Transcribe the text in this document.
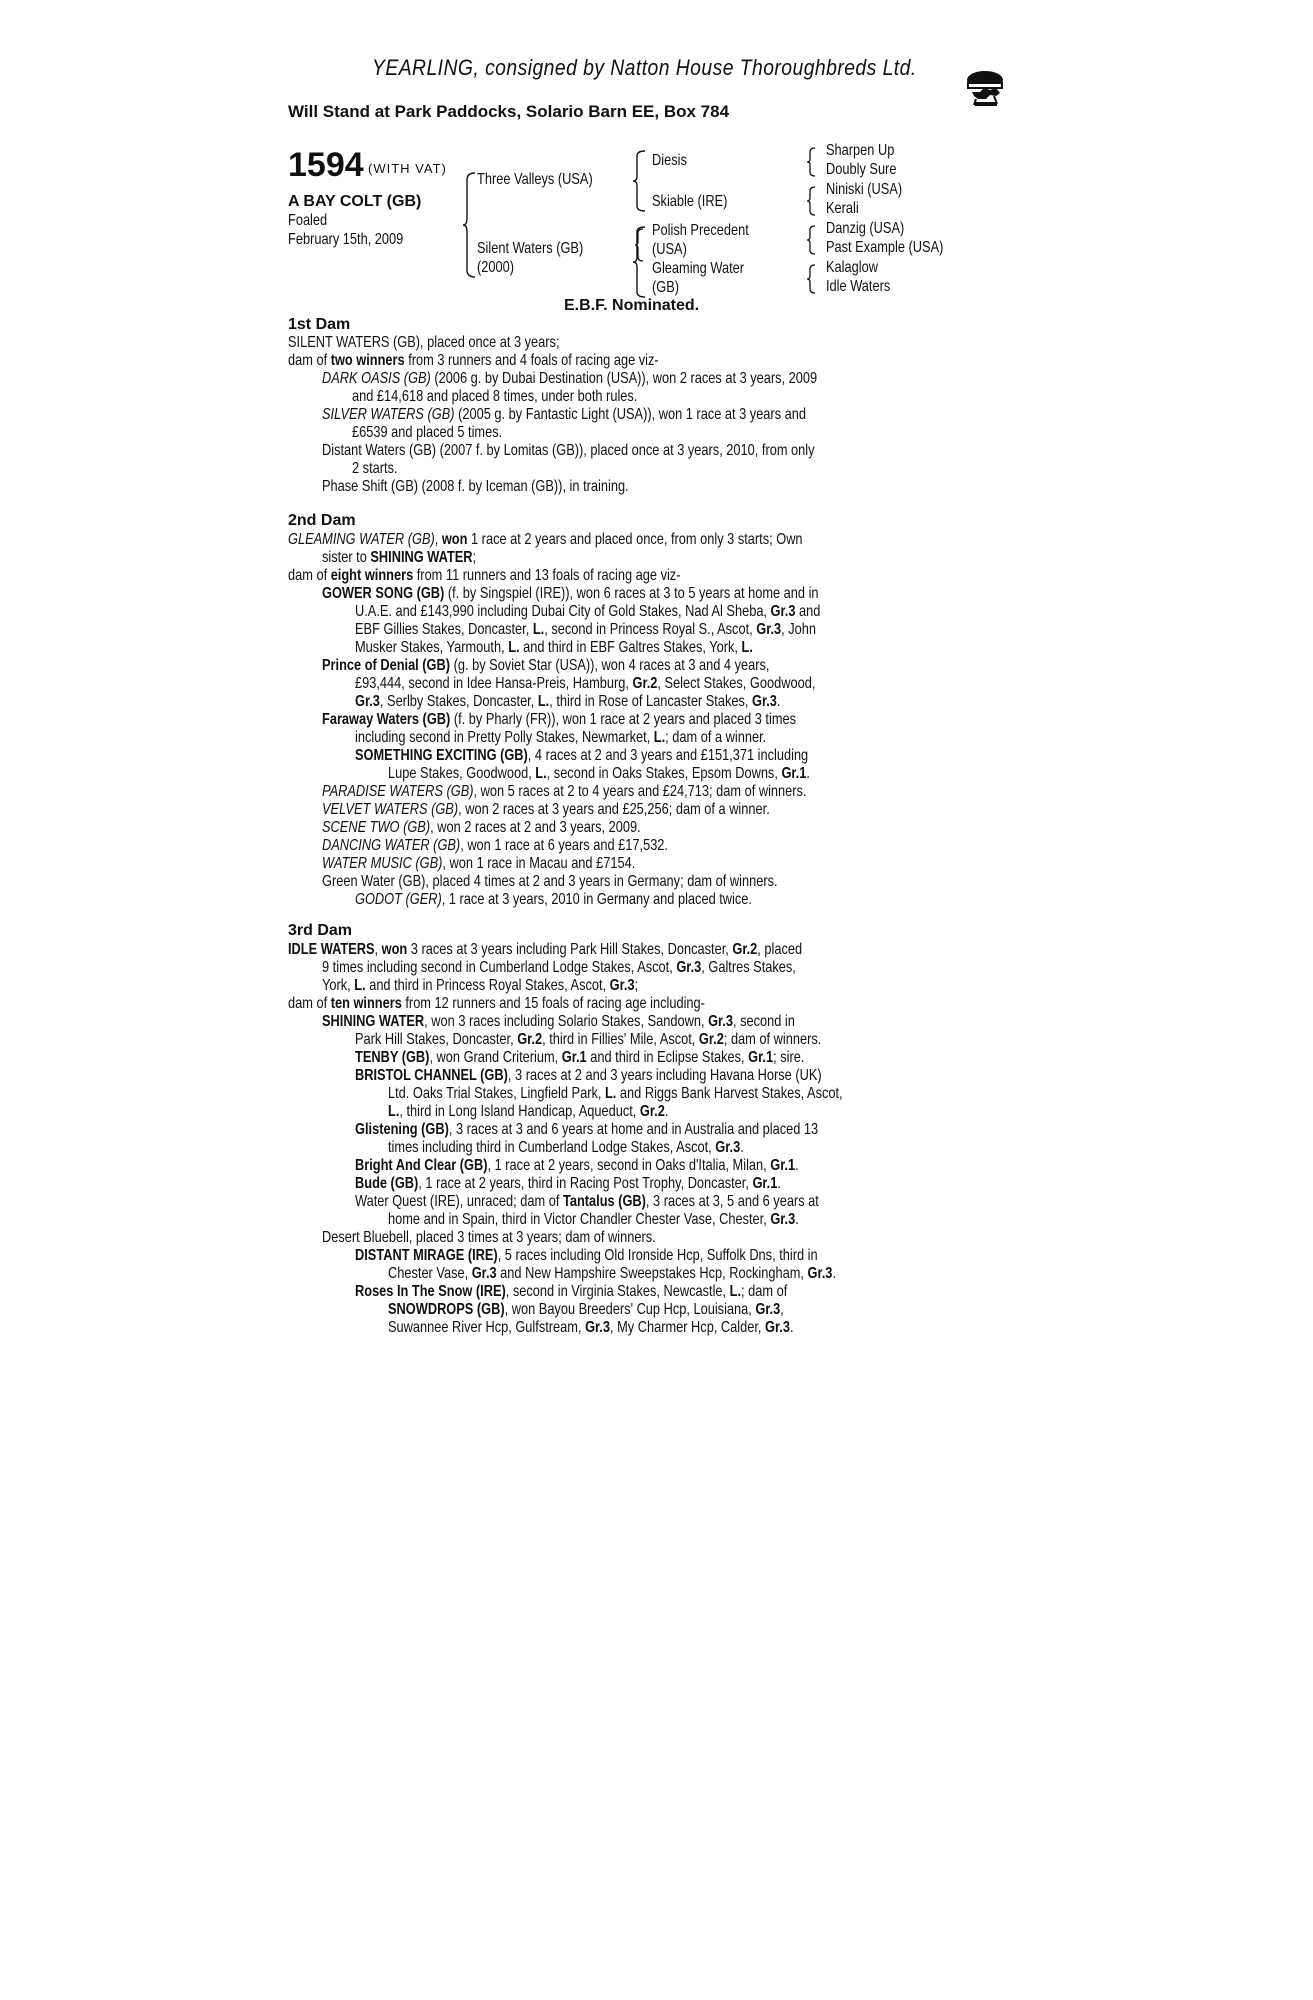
YEARLING, consigned by Natton House Thoroughbreds Ltd.
Will Stand at Park Paddocks, Solario Barn EE, Box 784
1594 (WITH VAT)
A BAY COLT (GB)
Foaled
February 15th, 2009
Three Valleys (USA)
Silent Waters (GB)
(2000)
Diesis
Skiable (IRE)
Polish Precedent
(USA)
Gleaming Water
(GB)
Sharpen Up
Doubly Sure
Niniski (USA)
Kerali
Danzig (USA)
Past Example (USA)
Kalaglow
Idle Waters
E.B.F. Nominated.
1st Dam
2nd Dam
3rd Dam
SILENT WATERS (GB), placed once at 3 years;
dam of two winners from 3 runners and 4 foals of racing age viz-
DARK OASIS (GB) (2006 g. by Dubai Destination (USA)), won 2 races at 3 years, 2009
and £14,618 and placed 8 times, under both rules.
SILVER WATERS (GB) (2005 g. by Fantastic Light (USA)), won 1 race at 3 years and
£6539 and placed 5 times.
Distant Waters (GB) (2007 f. by Lomitas (GB)), placed once at 3 years, 2010, from only
2 starts.
Phase Shift (GB) (2008 f. by Iceman (GB)), in training.
GLEAMING WATER (GB), won 1 race at 2 years and placed once, from only 3 starts; Own
sister to SHINING WATER;
dam of eight winners from 11 runners and 13 foals of racing age viz-
GOWER SONG (GB) (f. by Singspiel (IRE)), won 6 races at 3 to 5 years at home and in
U.A.E. and £143,990 including Dubai City of Gold Stakes, Nad Al Sheba, Gr.3 and
EBF Gillies Stakes, Doncaster, L., second in Princess Royal S., Ascot, Gr.3, John
Musker Stakes, Yarmouth, L. and third in EBF Galtres Stakes, York, L.
Prince of Denial (GB) (g. by Soviet Star (USA)), won 4 races at 3 and 4 years,
£93,444, second in Idee Hansa-Preis, Hamburg, Gr.2, Select Stakes, Goodwood,
Gr.3, Serlby Stakes, Doncaster, L., third in Rose of Lancaster Stakes, Gr.3.
Faraway Waters (GB) (f. by Pharly (FR)), won 1 race at 2 years and placed 3 times
including second in Pretty Polly Stakes, Newmarket, L.; dam of a winner.
SOMETHING EXCITING (GB), 4 races at 2 and 3 years and £151,371 including
Lupe Stakes, Goodwood, L., second in Oaks Stakes, Epsom Downs, Gr.1.
PARADISE WATERS (GB), won 5 races at 2 to 4 years and £24,713; dam of winners.
VELVET WATERS (GB), won 2 races at 3 years and £25,256; dam of a winner.
SCENE TWO (GB), won 2 races at 2 and 3 years, 2009.
DANCING WATER (GB), won 1 race at 6 years and £17,532.
WATER MUSIC (GB), won 1 race in Macau and £7154.
Green Water (GB), placed 4 times at 2 and 3 years in Germany; dam of winners.
GODOT (GER), 1 race at 3 years, 2010 in Germany and placed twice.
IDLE WATERS, won 3 races at 3 years including Park Hill Stakes, Doncaster, Gr.2, placed
9 times including second in Cumberland Lodge Stakes, Ascot, Gr.3, Galtres Stakes,
York, L. and third in Princess Royal Stakes, Ascot, Gr.3;
dam of ten winners from 12 runners and 15 foals of racing age including-
SHINING WATER, won 3 races including Solario Stakes, Sandown, Gr.3, second in
Park Hill Stakes, Doncaster, Gr.2, third in Fillies' Mile, Ascot, Gr.2; dam of winners.
TENBY (GB), won Grand Criterium, Gr.1 and third in Eclipse Stakes, Gr.1; sire.
BRISTOL CHANNEL (GB), 3 races at 2 and 3 years including Havana Horse (UK)
Ltd. Oaks Trial Stakes, Lingfield Park, L. and Riggs Bank Harvest Stakes, Ascot,
L., third in Long Island Handicap, Aqueduct, Gr.2.
Glistening (GB), 3 races at 3 and 6 years at home and in Australia and placed 13
times including third in Cumberland Lodge Stakes, Ascot, Gr.3.
Bright And Clear (GB), 1 race at 2 years, second in Oaks d'Italia, Milan, Gr.1.
Bude (GB), 1 race at 2 years, third in Racing Post Trophy, Doncaster, Gr.1.
Water Quest (IRE), unraced; dam of Tantalus (GB), 3 races at 3, 5 and 6 years at
home and in Spain, third in Victor Chandler Chester Vase, Chester, Gr.3.
Desert Bluebell, placed 3 times at 3 years; dam of winners.
DISTANT MIRAGE (IRE), 5 races including Old Ironside Hcp, Suffolk Dns, third in
Chester Vase, Gr.3 and New Hampshire Sweepstakes Hcp, Rockingham, Gr.3.
Roses In The Snow (IRE), second in Virginia Stakes, Newcastle, L.; dam of
SNOWDROPS (GB), won Bayou Breeders' Cup Hcp, Louisiana, Gr.3,
Suwannee River Hcp, Gulfstream, Gr.3, My Charmer Hcp, Calder, Gr.3.
